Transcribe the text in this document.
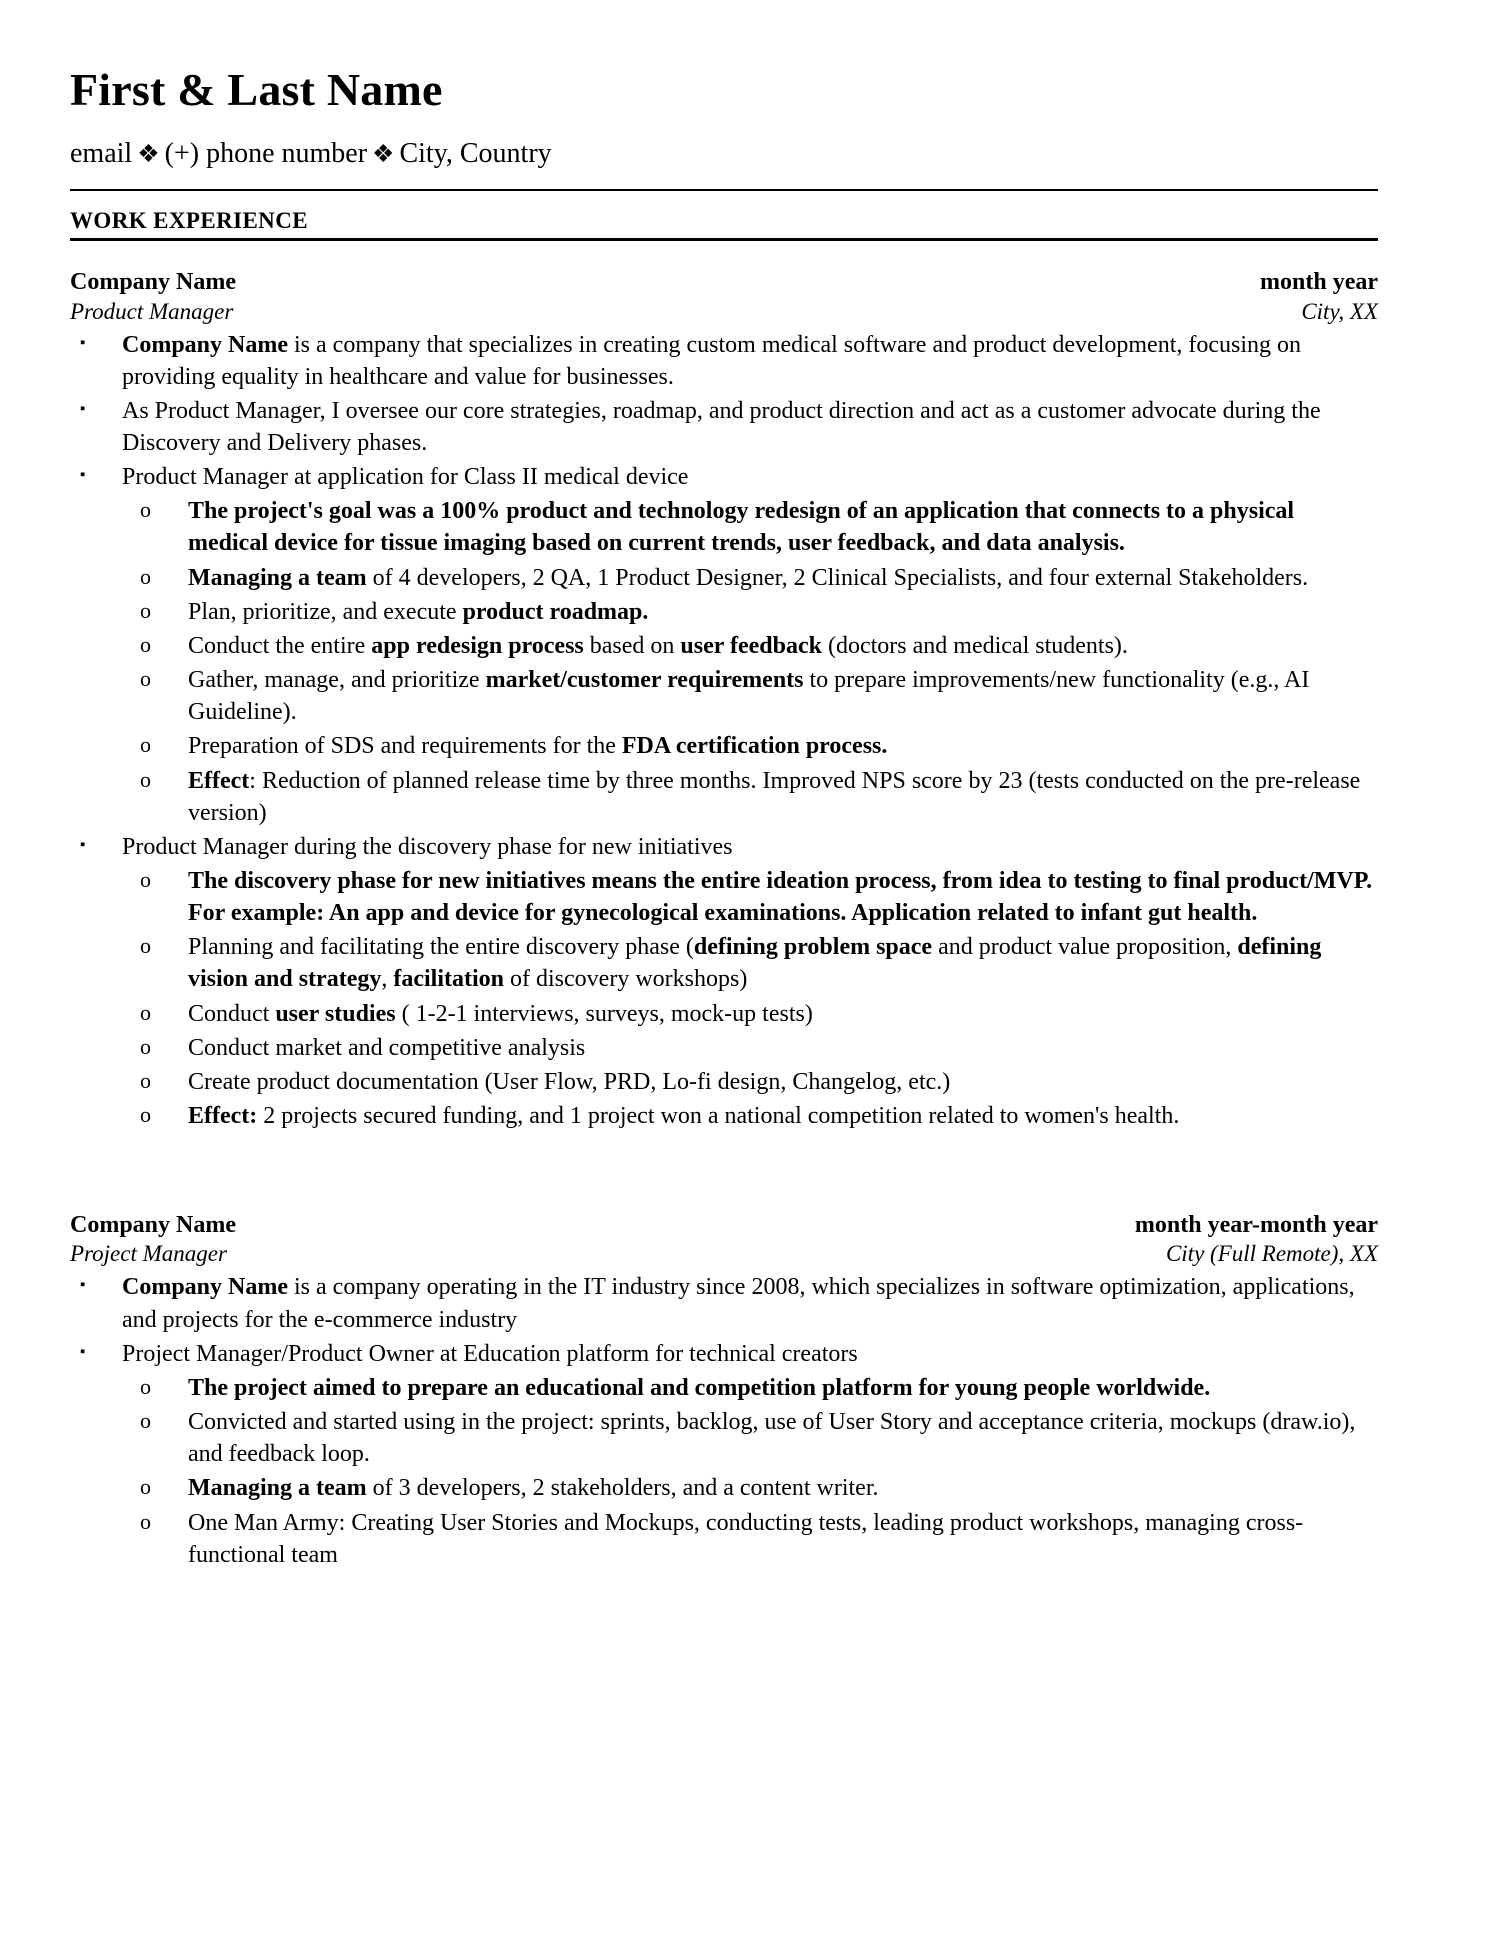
First & Last Name
email ❖ (+) phone number ❖ City, Country
WORK EXPERIENCE
Company Name	month year
Product Manager	City, XX
▪ Company Name is a company that specializes in creating custom medical software and product development, focusing on providing equality in healthcare and value for businesses.
▪ As Product Manager, I oversee our core strategies, roadmap, and product direction and act as a customer advocate during the Discovery and Delivery phases.
▪ Product Manager at application for Class II medical device
o The project's goal was a 100% product and technology redesign of an application that connects to a physical medical device for tissue imaging based on current trends, user feedback, and data analysis.
o Managing a team of 4 developers, 2 QA, 1 Product Designer, 2 Clinical Specialists, and four external Stakeholders.
o Plan, prioritize, and execute product roadmap.
o Conduct the entire app redesign process based on user feedback (doctors and medical students).
o Gather, manage, and prioritize market/customer requirements to prepare improvements/new functionality (e.g., AI Guideline).
o Preparation of SDS and requirements for the FDA certification process.
o Effect: Reduction of planned release time by three months. Improved NPS score by 23 (tests conducted on the pre-release version)
▪ Product Manager during the discovery phase for new initiatives
o The discovery phase for new initiatives means the entire ideation process, from idea to testing to final product/MVP. For example: An app and device for gynecological examinations. Application related to infant gut health.
o Planning and facilitating the entire discovery phase (defining problem space and product value proposition, defining vision and strategy, facilitation of discovery workshops)
o Conduct user studies ( 1-2-1 interviews, surveys, mock-up tests)
o Conduct market and competitive analysis
o Create product documentation (User Flow, PRD, Lo-fi design, Changelog, etc.)
o Effect: 2 projects secured funding, and 1 project won a national competition related to women's health.
Company Name	month year-month year
Project Manager	City (Full Remote), XX
▪ Company Name is a company operating in the IT industry since 2008, which specializes in software optimization, applications, and projects for the e-commerce industry
▪ Project Manager/Product Owner at Education platform for technical creators
o The project aimed to prepare an educational and competition platform for young people worldwide.
o Convicted and started using in the project: sprints, backlog, use of User Story and acceptance criteria, mockups (draw.io), and feedback loop.
o Managing a team of 3 developers, 2 stakeholders, and a content writer.
o One Man Army: Creating User Stories and Mockups, conducting tests, leading product workshops, managing cross-functional team
